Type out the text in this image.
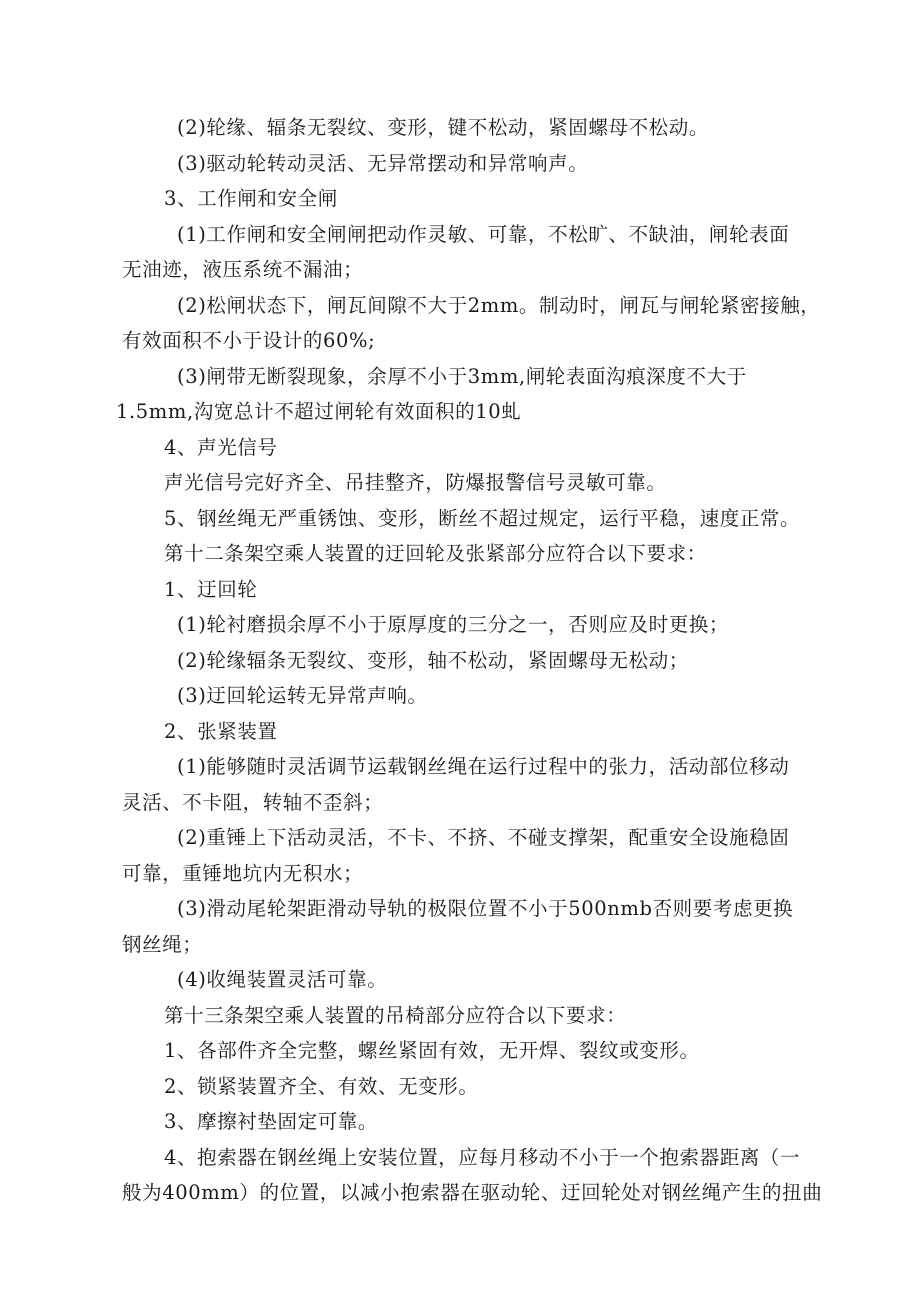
(2)轮缘、辐条无裂纹、变形，键不松动，紧固螺母不松动。
(3)驱动轮转动灵活、无异常摆动和异常响声。
3、工作闸和安全闸
(1)工作闸和安全闸闸把动作灵敏、可靠，不松旷、不缺油，闸轮表面
无油迹，液压系统不漏油；
(2)松闸状态下，闸瓦间隙不大于2mm。制动时，闸瓦与闸轮紧密接触，
有效面积不小于设计的60%;
(3)闸带无断裂现象，余厚不小于3mm,闸轮表面沟痕深度不大于
1.5mm,沟宽总计不超过闸轮有效面积的10虬
4、声光信号
声光信号完好齐全、吊挂整齐，防爆报警信号灵敏可靠。
5、钢丝绳无严重锈蚀、变形，断丝不超过规定，运行平稳，速度正常。
第十二条架空乘人装置的迂回轮及张紧部分应符合以下要求：
1、迂回轮
(1)轮衬磨损余厚不小于原厚度的三分之一，否则应及时更换；
(2)轮缘辐条无裂纹、变形，轴不松动，紧固螺母无松动；
(3)迂回轮运转无异常声响。
2、张紧装置
(1)能够随时灵活调节运载钢丝绳在运行过程中的张力，活动部位移动
灵活、不卡阻，转轴不歪斜；
(2)重锤上下活动灵活，不卡、不挤、不碰支撑架，配重安全设施稳固
可靠，重锤地坑内无积水；
(3)滑动尾轮架距滑动导轨的极限位置不小于500nmb否则要考虑更换
钢丝绳；
(4)收绳装置灵活可靠。
第十三条架空乘人装置的吊椅部分应符合以下要求：
1、各部件齐全完整，螺丝紧固有效，无开焊、裂纹或变形。
2、锁紧装置齐全、有效、无变形。
3、摩擦衬垫固定可靠。
4、抱索器在钢丝绳上安装位置，应每月移动不小于一个抱索器距离（一
般为400mm）的位置，以减小抱索器在驱动轮、迂回轮处对钢丝绳产生的扭曲
